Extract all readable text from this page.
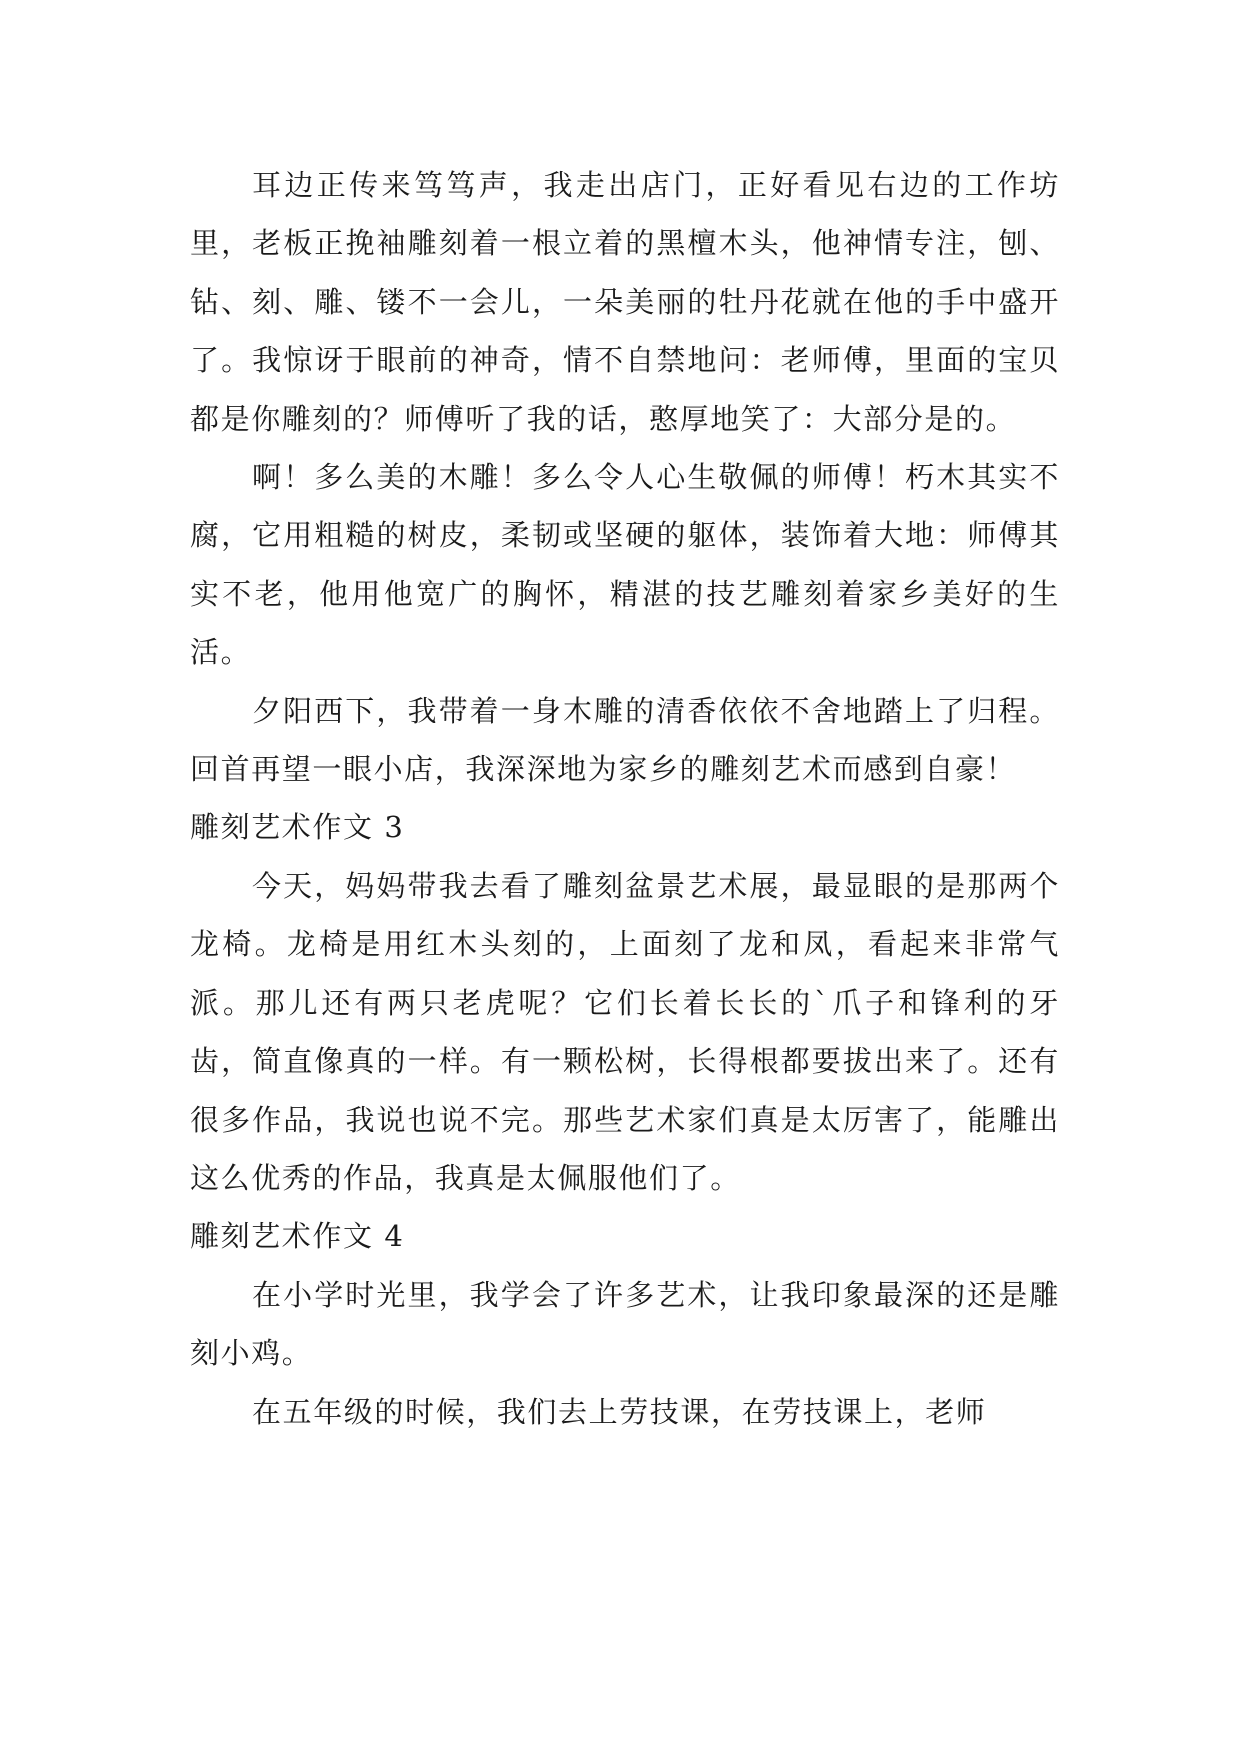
耳边正传来笃笃声，我走出店门，正好看见右边的工作坊里，老板正挽袖雕刻着一根立着的黑檀木头，他神情专注，刨、钻、刻、雕、镂不一会儿，一朵美丽的牡丹花就在他的手中盛开了。我惊讶于眼前的神奇，情不自禁地问：老师傅，里面的宝贝都是你雕刻的？师傅听了我的话，憨厚地笑了：大部分是的。

啊！多么美的木雕！多么令人心生敬佩的师傅！朽木其实不腐，它用粗糙的树皮，柔韧或坚硬的躯体，装饰着大地：师傅其实不老，他用他宽广的胸怀，精湛的技艺雕刻着家乡美好的生活。

夕阳西下，我带着一身木雕的清香依依不舍地踏上了归程。回首再望一眼小店，我深深地为家乡的雕刻艺术而感到自豪！

雕刻艺术作文 3

今天，妈妈带我去看了雕刻盆景艺术展，最显眼的是那两个龙椅。龙椅是用红木头刻的，上面刻了龙和凤，看起来非常气派。那儿还有两只老虎呢？它们长着长长的`爪子和锋利的牙齿，简直像真的一样。有一颗松树，长得根都要拔出来了。还有很多作品，我说也说不完。那些艺术家们真是太厉害了，能雕出这么优秀的作品，我真是太佩服他们了。

雕刻艺术作文 4

在小学时光里，我学会了许多艺术，让我印象最深的还是雕刻小鸡。

在五年级的时候，我们去上劳技课，在劳技课上，老师
